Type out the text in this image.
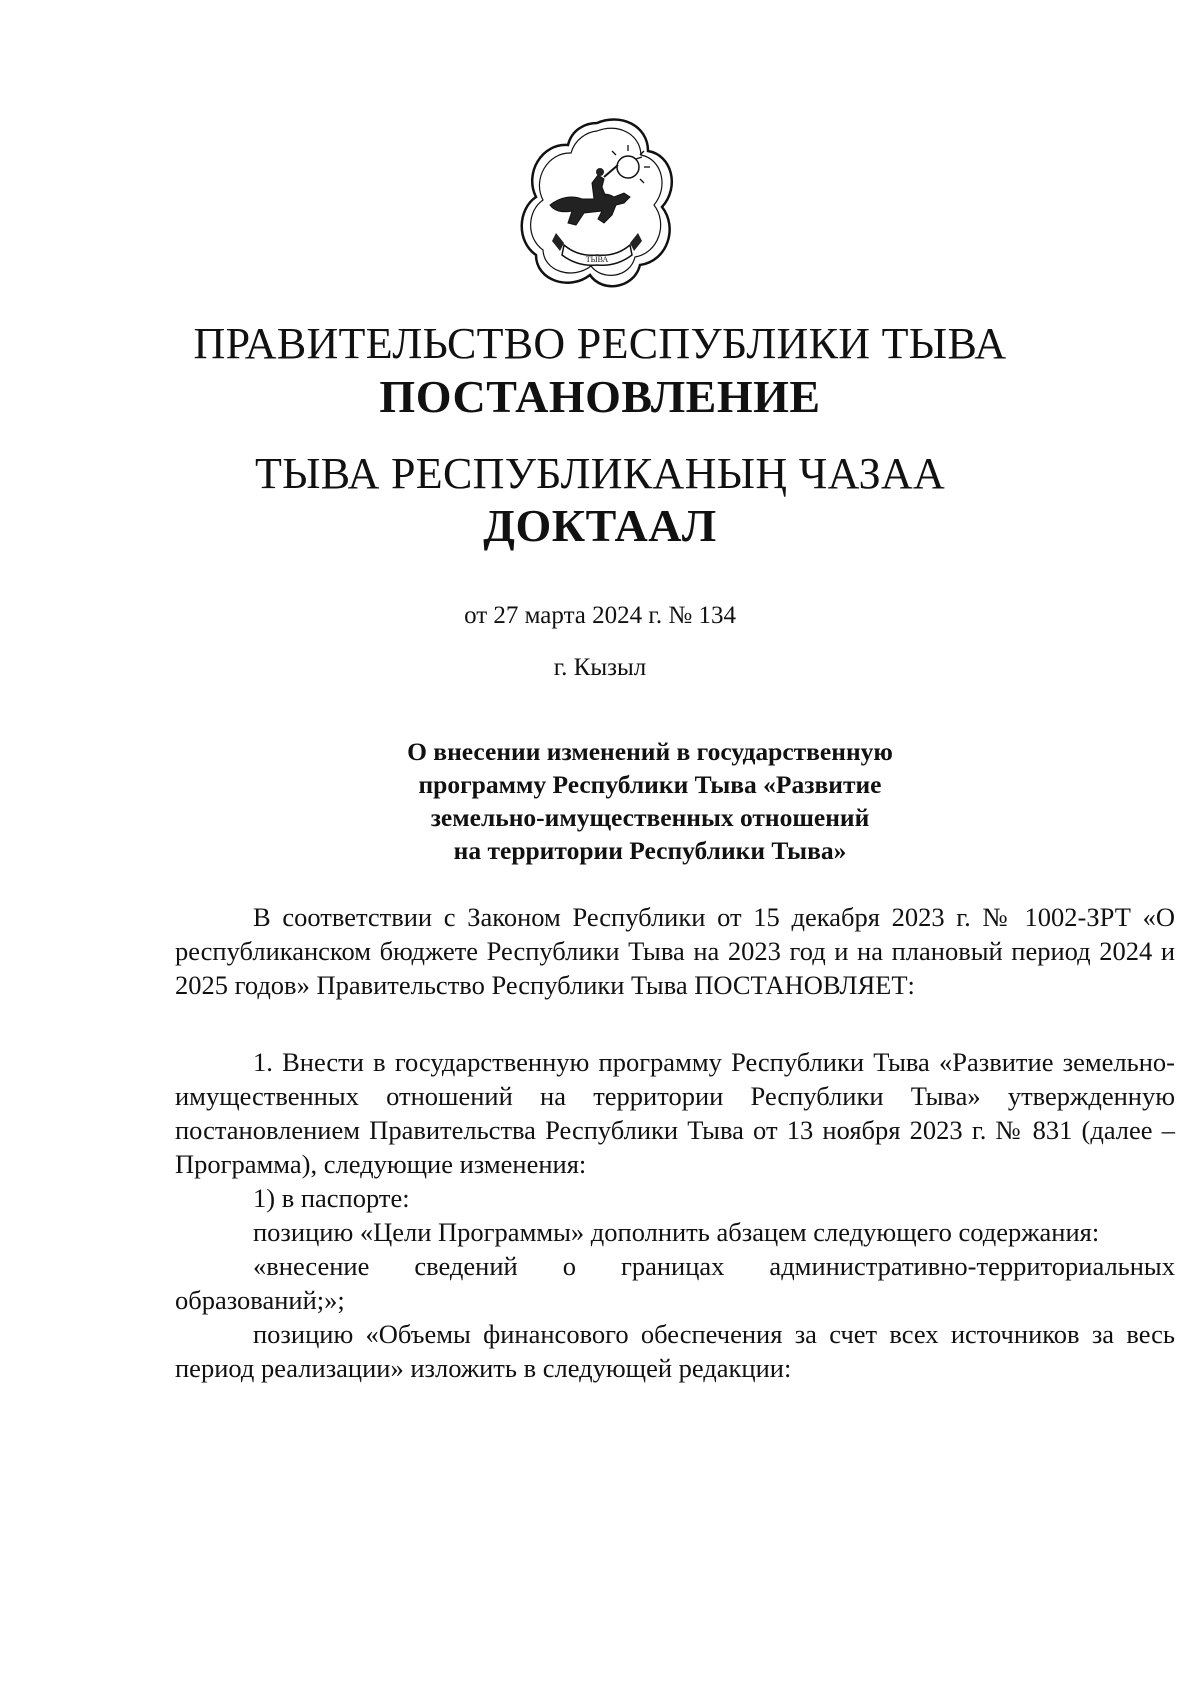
ТЫВА
ПРАВИТЕЛЬСТВО РЕСПУБЛИКИ ТЫВА
ПОСТАНОВЛЕНИЕ
ТЫВА РЕСПУБЛИКАНЫҢ ЧАЗАА
ДОКТААЛ
от 27 марта 2024 г. № 134
г. Кызыл
О внесении изменений в государственную
программу Республики Тыва «Развитие
земельно-имущественных отношений
на территории Республики Тыва»

В соответствии с Законом Республики от 15 декабря 2023 г. № 1002-ЗРТ «О республиканском бюджете Республики Тыва на 2023 год и на плановый период 2024 и 2025 годов» Правительство Республики Тыва ПОСТАНОВЛЯЕТ:

1. Внести в государственную программу Республики Тыва «Развитие земельно-имущественных отношений на территории Республики Тыва» утвержденную постановлением Правительства Республики Тыва от 13 ноября 2023 г. № 831 (далее – Программа), следующие изменения:

1) в паспорте:

позицию «Цели Программы» дополнить абзацем следующего содержания:

«внесение сведений о границах административно-территориальных образований;»;

позицию «Объемы финансового обеспечения за счет всех источников за весь период реализации» изложить в следующей редакции:
